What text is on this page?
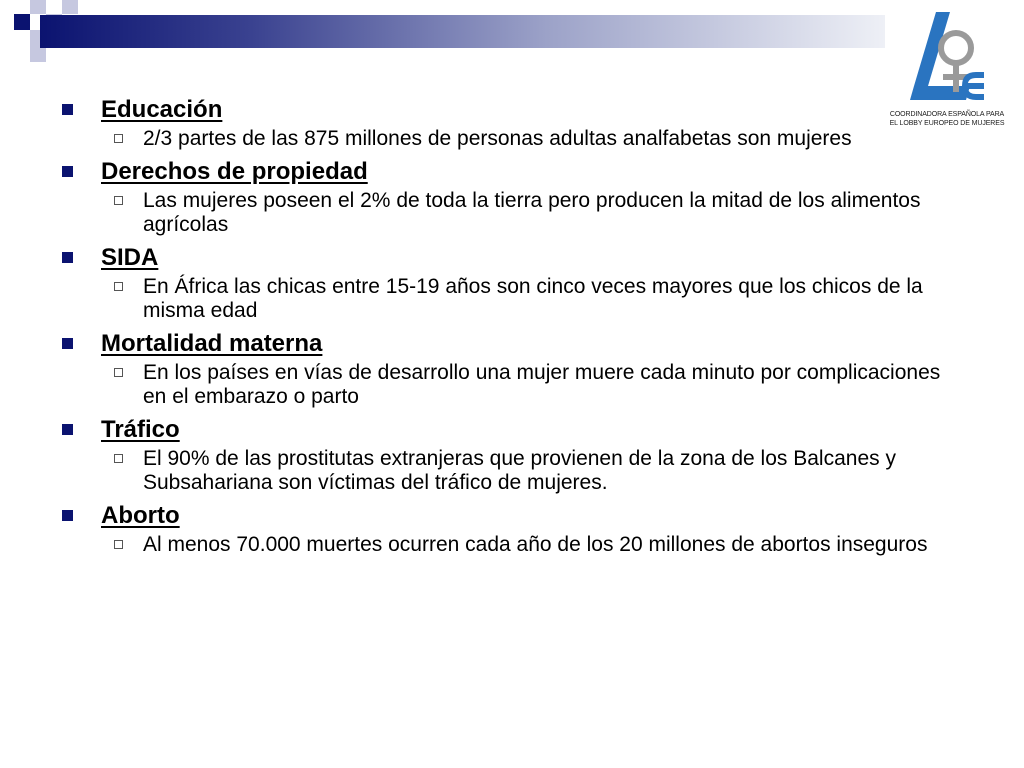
COORDINADORA ESPAÑOLA PARA
EL LOBBY EUROPEO DE MUJERES
Educación
2/3 partes de las 875 millones de personas adultas analfabetas son mujeres
Derechos de propiedad
Las mujeres poseen el 2% de toda la tierra pero producen la mitad de los alimentos agrícolas
SIDA
En África las chicas entre 15-19 años son cinco veces mayores que los chicos de la misma edad
Mortalidad materna
En los países en vías de desarrollo una mujer muere cada minuto por complicaciones en el embarazo o parto
Tráfico
El 90% de las prostitutas extranjeras que provienen de la zona de los Balcanes y Subsahariana son víctimas del tráfico de mujeres.
Aborto
Al menos 70.000 muertes ocurren cada año de los 20 millones de abortos inseguros
